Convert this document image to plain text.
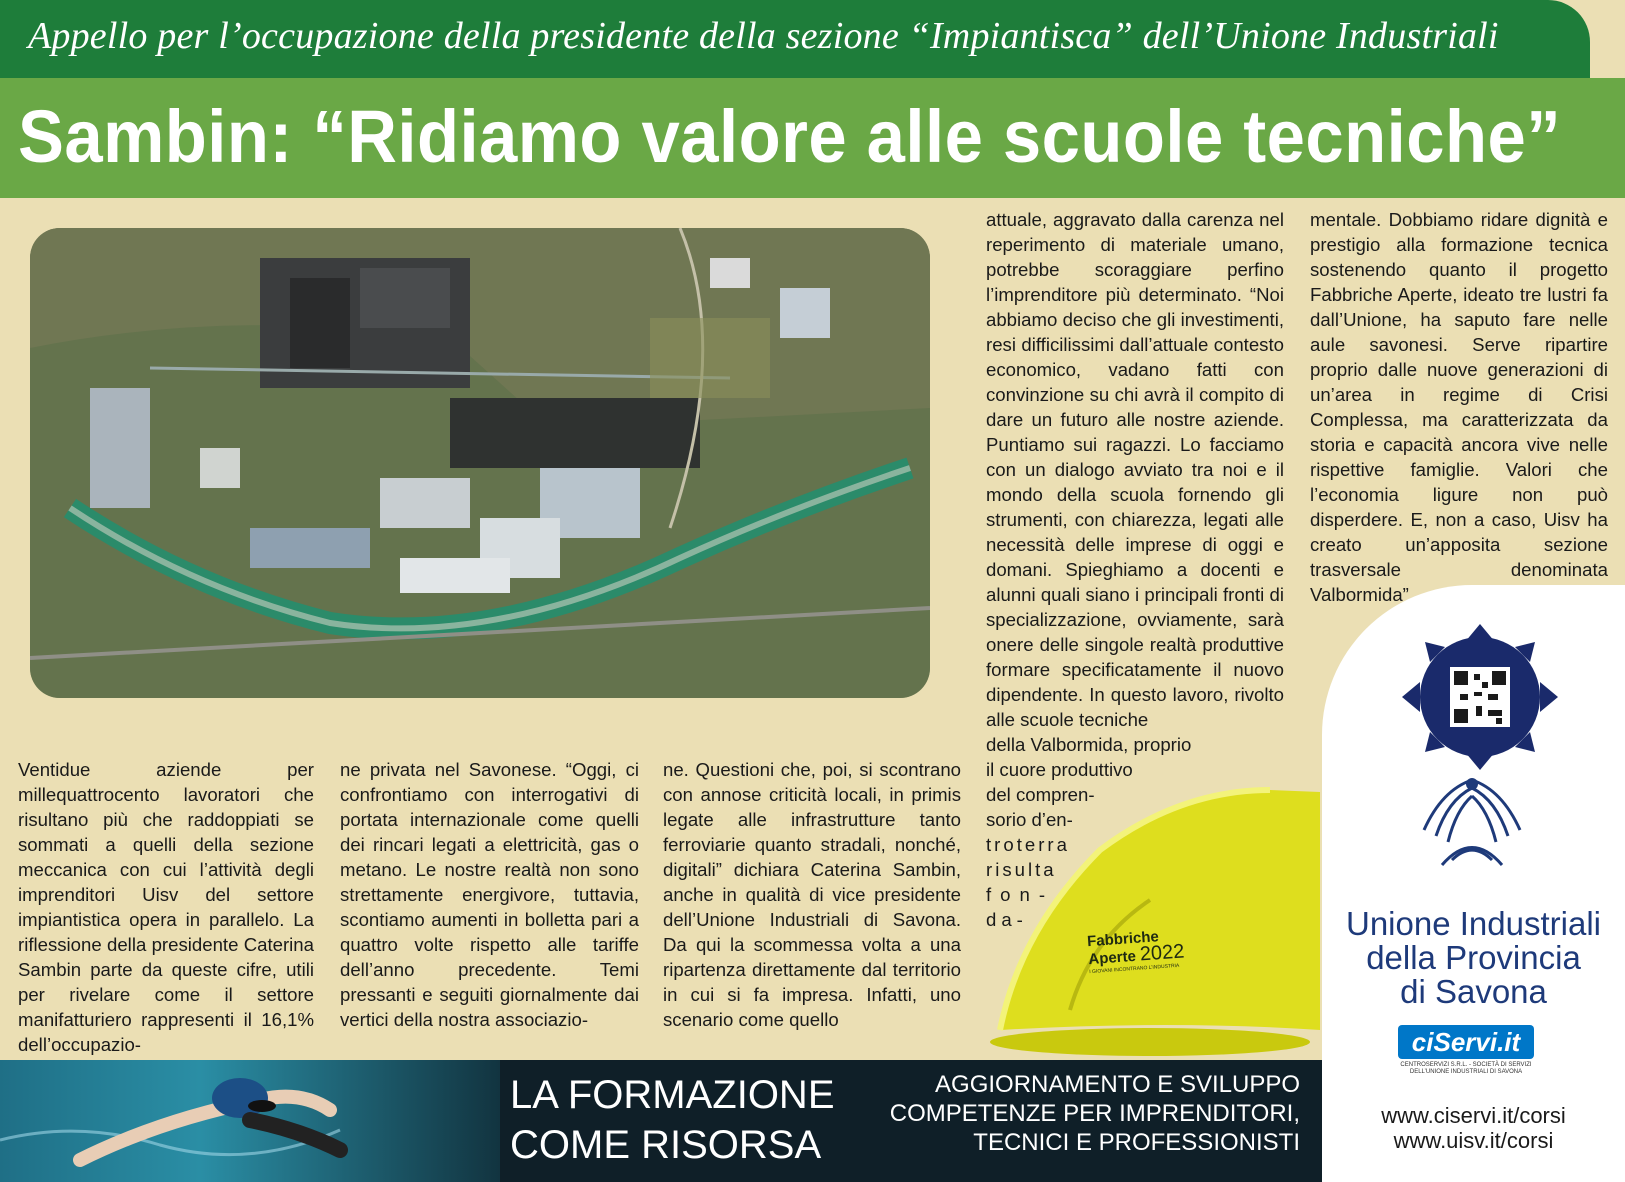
Appello per l’occupazione della presidente della sezione “Impiantisca” dell’Unione Industriali
Sambin: “Ridiamo valore alle scuole tecniche”

Ventidue aziende per millequattrocento lavoratori che risultano più che raddoppiati se sommati a quelli della sezione meccanica con cui l’attività degli imprenditori Uisv del settore impiantistica opera in parallelo. La riflessione della presidente Caterina Sambin parte da queste cifre, utili per rivelare come il settore manifatturiero rappresenti il 16,1% dell’occupazio-

ne privata nel Savonese. “Oggi, ci confrontiamo con interrogativi di portata internazionale come quelli dei rincari legati a elettricità, gas o metano. Le nostre realtà non sono strettamente energivore, tuttavia, scontiamo aumenti in bolletta pari a quattro volte rispetto alle tariffe dell’anno precedente. Temi pressanti e seguiti giornalmente dai vertici della nostra associazio-

ne. Questioni che, poi, si scontrano con annose criticità locali, in primis legate alle infrastrutture tanto ferroviarie quanto stradali, nonché, digitali” dichiara Caterina Sambin, anche in qualità di vice presidente dell’Unione Industriali di Savona. Da qui la scommessa volta a una ripartenza direttamente dal territorio in cui si fa impresa. Infatti, uno scenario come quello

attuale, aggravato dalla carenza nel reperimento di materiale umano, potrebbe scoraggiare perfino l’imprenditore più determinato. “Noi abbiamo deciso che gli investimenti, resi difficilissimi dall’attuale contesto economico, vadano fatti con convinzione su chi avrà il compito di dare un futuro alle nostre aziende. Puntiamo sui ragazzi. Lo facciamo con un dialogo avviato tra noi e il mondo della scuola fornendo gli strumenti, con chiarezza, legati alle necessità delle imprese di oggi e domani. Spieghiamo a docenti e alunni quali siano i principali fronti di specializzazione, ovviamente, sarà onere delle singole realtà produttive formare specificatamente il nuovo dipendente. In questo lavoro, rivolto alle scuole tecniche

della Valbormida, proprio
il cuore produttivo
del compren-
sorio d’en-
troterra
risulta
fon-
da-

mentale. Dobbiamo ridare dignità e prestigio alla formazione tecnica sostenendo quanto il progetto Fabbriche Aperte, ideato tre lustri fa dall’Unione, ha saputo fare nelle aule savonesi. Serve ripartire proprio dalle nuove generazioni di un’area in regime di Crisi Complessa, ma caratterizzata da storia e capacità ancora vive nelle rispettive famiglie. Valori che l’economia ligure non può disperdere. E, non a caso, Uisv ha creato un’apposita sezione trasversale denominata Valbormida”.

Fabbriche
Aperte 2022
I GIOVANI INCONTRANO L’INDUSTRIA
Unione Industriali
della Provincia
di Savona
ciServi.it
CENTROSERVIZI S.R.L. - SOCIETÀ DI SERVIZI DELL’UNIONE INDUSTRIALI DI SAVONA
www.ciservi.it/corsi
www.uisv.it/corsi
LA FORMAZIONE
COME RISORSA
AGGIORNAMENTO E SVILUPPO
COMPETENZE PER IMPRENDITORI,
TECNICI E PROFESSIONISTI
